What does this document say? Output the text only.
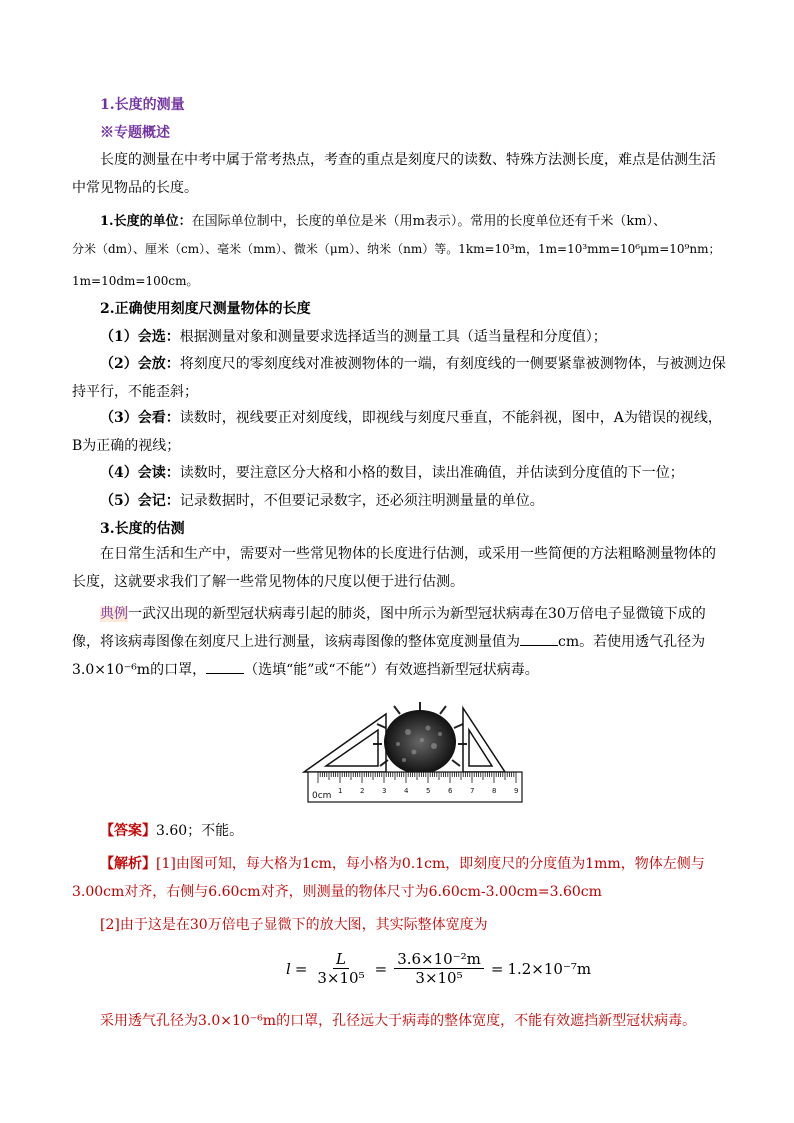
1.长度的测量
※专题概述
长度的测量在中考中属于常考热点，考查的重点是刻度尺的读数、特殊方法测长度，难点是估测生活中常见物品的长度。
1.长度的单位：在国际单位制中，长度的单位是米（用m表示）。常用的长度单位还有千米（km）、
分米（dm）、厘米（cm）、毫米（mm）、微米（μm）、纳米（nm）等。1km=10³m，1m=10³mm=10⁶μm=10⁹nm；
1m=10dm=100cm。
2.正确使用刻度尺测量物体的长度
（1）会选：根据测量对象和测量要求选择适当的测量工具（适当量程和分度值）；
（2）会放：将刻度尺的零刻度线对准被测物体的一端，有刻度线的一侧要紧靠被测物体，与被测边保持平行，不能歪斜；
（3）会看：读数时，视线要正对刻度线，即视线与刻度尺垂直，不能斜视，图中，A为错误的视线，B为正确的视线；
（4）会读：读数时，要注意区分大格和小格的数目，读出准确值，并估读到分度值的下一位；
（5）会记：记录数据时，不但要记录数字，还必须注明测量量的单位。
3.长度的估测
在日常生活和生产中，需要对一些常见物体的长度进行估测，或采用一些简便的方法粗略测量物体的长度，这就要求我们了解一些常见物体的尺度以便于进行估测。
典例一武汉出现的新型冠状病毒引起的肺炎，图中所示为新型冠状病毒在30万倍电子显微镜下成的像，将该病毒图像在刻度尺上进行测量，该病毒图像的整体宽度测量值为	cm。若使用透气孔径为3.0×10⁻⁶m的口罩，	（选填“能”或“不能”）有效遮挡新型冠状病毒。
1	2	3	4	5	6	7	8	9
0cm
【答案】3.60；不能。
【解析】[1]由图可知，每大格为1cm，每小格为0.1cm，即刻度尺的分度值为1mm，物体左侧与3.00cm对齐，右侧与6.60cm对齐，则测量的物体尺寸为6.60cm-3.00cm=3.60cm
[2]由于这是在30万倍电子显微下的放大图，其实际整体宽度为
$l = \frac{L}{\text{3×10⁵}} = \frac{\text{3.6×10⁻²m}}{\text{3×10⁵}} = 1.2\times 10^{-7}m$
采用透气孔径为3.0×10⁻⁶m的口罩，孔径远大于病毒的整体宽度，不能有效遮挡新型冠状病毒。
